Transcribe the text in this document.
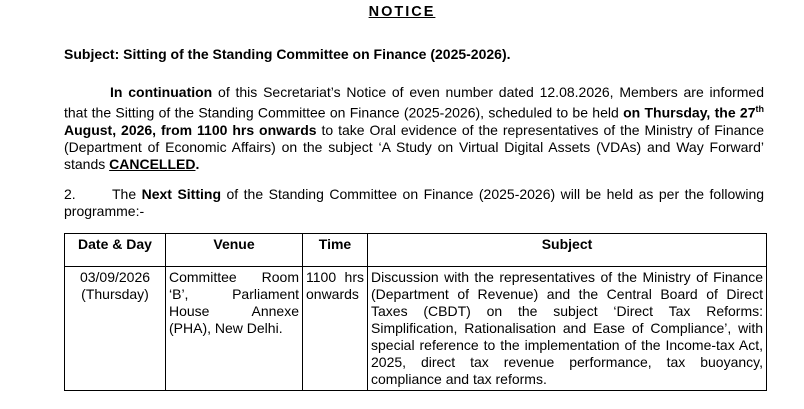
NOTICE
Subject: Sitting of the Standing Committee on Finance (2025-2026).
In continuation of this Secretariat’s Notice of even number dated 12.08.2026, Members are informed that the Sitting of the Standing Committee on Finance (2025-2026), scheduled to be held on Thursday, the 27th August, 2026, from 1100 hrs onwards to take Oral evidence of the representatives of the Ministry of Finance (Department of Economic Affairs) on the subject ‘A Study on Virtual Digital Assets (VDAs) and Way Forward’ stands CANCELLED.
2.	The Next Sitting of the Standing Committee on Finance (2025-2026) will be held as per the following programme:-
Date & Day	Venue	Time	Subject

03/09/2026
(Thursday)	Committee Room ‘B’, Parliament House Annexe (PHA), New Delhi.	1100 hrs onwards	Discussion with the representatives of the Ministry of Finance (Department of Revenue) and the Central Board of Direct Taxes (CBDT) on the subject ‘Direct Tax Reforms: Simplification, Rationalisation and Ease of Compliance’, with special reference to the implementation of the Income-tax Act, 2025, direct tax revenue performance, tax buoyancy, compliance and tax reforms.
